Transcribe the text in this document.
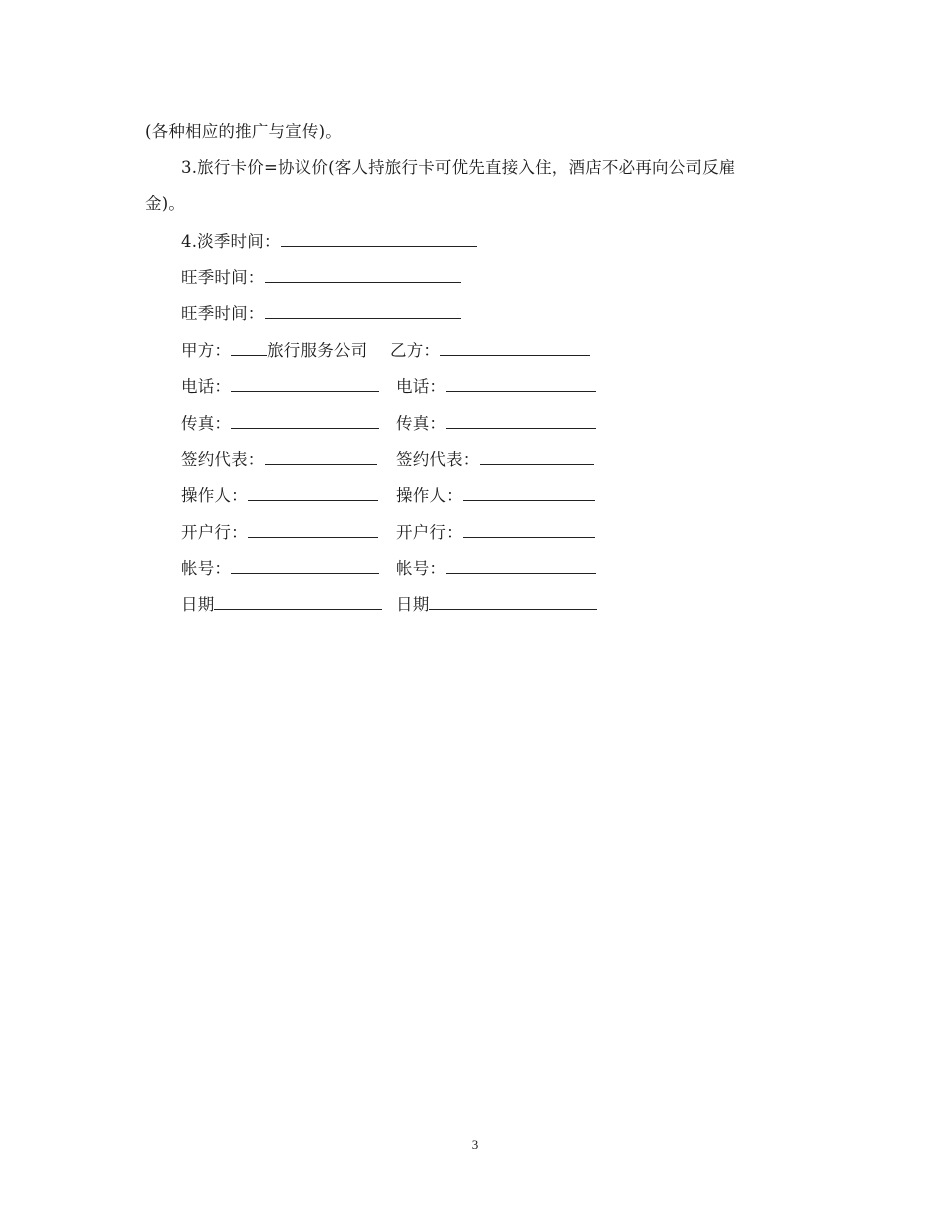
(各种相应的推广与宣传)。
3.旅行卡价=协议价(客人持旅行卡可优先直接入住，酒店不必再向公司反雇
金)。
4.淡季时间：
旺季时间：
旺季时间：
甲方： 旅行服务公司 乙方：
电话：	电话：
传真：	传真：
签约代表：	签约代表：
操作人：	操作人：
开户行：	开户行：
帐号：	帐号：
日期	日期
3
